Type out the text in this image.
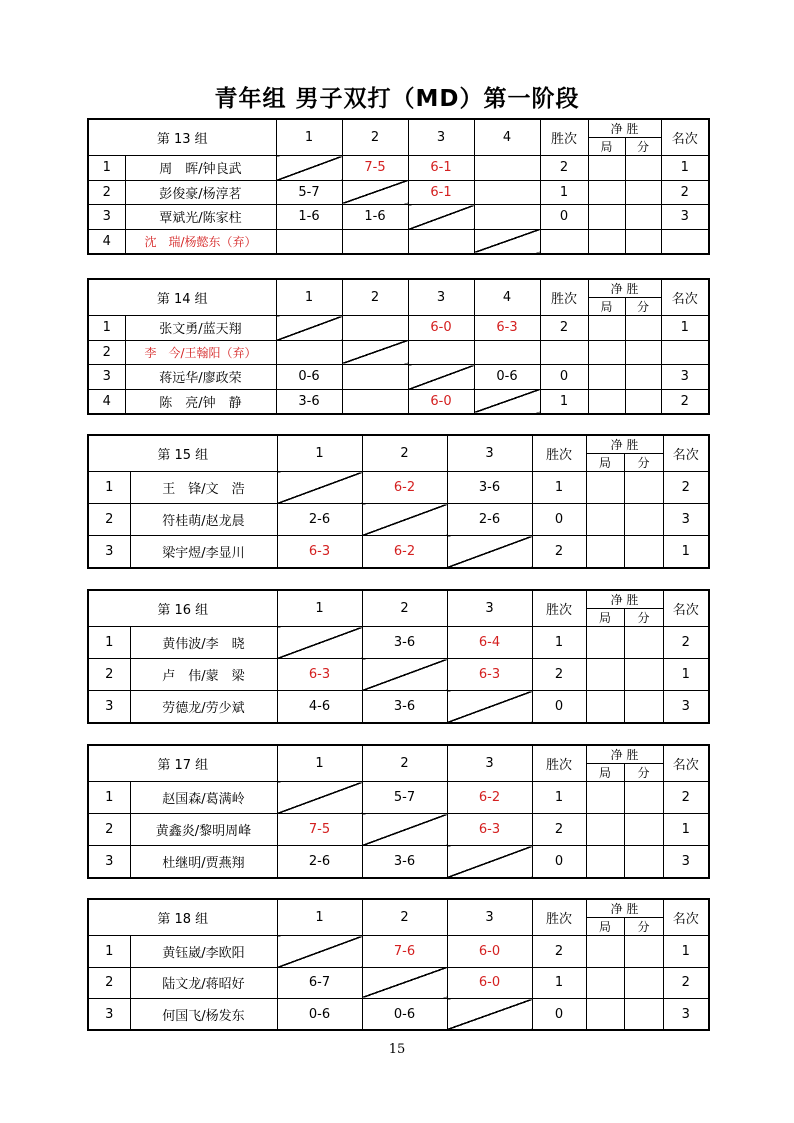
青年组 男子双打（MD）第一阶段
第 13 组		1	2	3	4	胜次	净 胜		名次
							局	分	
1	周　晖/钟良武		7-5	6-1		2			1
2	彭俊豪/杨淳茗	5-7		6-1		1			2
3	覃斌光/陈家柱	1-6	1-6			0			3
4	沈　瑞/杨懿东（弃）								
第 14 组		1	2	3	4	胜次	净 胜		名次
							局	分	
1	张文勇/蓝天翔			6-0	6-3	2			1
2	李　今/王翰阳（弃）								
3	蒋远华/廖政荣	0-6			0-6	0			3
4	陈　亮/钟　静	3-6		6-0		1			2
第 15 组		1	2	3	胜次	净 胜		名次
						局	分	
1	王　锋/文　浩		6-2	3-6	1			2
2	符桂萌/赵龙晨	2-6		2-6	0			3
3	梁宇煜/李显川	6-3	6-2		2			1
第 16 组		1	2	3	胜次	净 胜		名次
						局	分	
1	黄伟波/李　晓		3-6	6-4	1			2
2	卢　伟/蒙　梁	6-3		6-3	2			1
3	劳德龙/劳少斌	4-6	3-6		0			3
第 17 组		1	2	3	胜次	净 胜		名次
						局	分	
1	赵国森/葛满岭		5-7	6-2	1			2
2	黄鑫炎/黎明周峰	7-5		6-3	2			1
3	杜继明/贾燕翔	2-6	3-6		0			3
第 18 组		1	2	3	胜次	净 胜		名次
						局	分	
1	黄钰崴/李欧阳		7-6	6-0	2			1
2	陆文龙/蒋昭好	6-7		6-0	1			2
3	何国飞/杨发东	0-6	0-6		0			3
15
